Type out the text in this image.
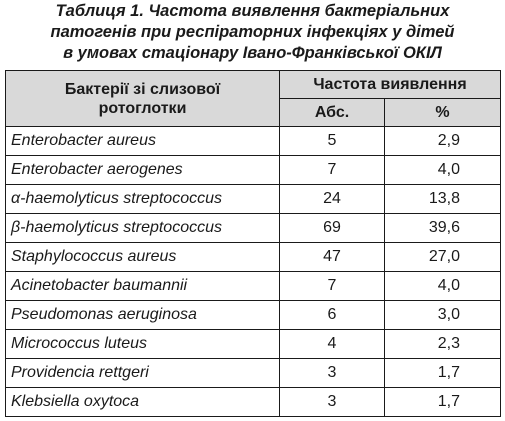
Таблиця 1. Частота виявлення бактеріальних
патогенів при респіраторних інфекціях у дітей
в умовах стаціонару Івано-Франківської ОКІЛ
Бактерії зі слизової
ротоглотки	Частота виявлення	
	Абс.	%
Enterobacter aureus	5	2,9
Enterobacter aerogenes	7	4,0
α-haemolyticus streptococcus	24	13,8
β-haemolyticus streptococcus	69	39,6
Staphylococcus aureus	47	27,0
Acinetobacter baumannii	7	4,0
Pseudomonas aeruginosa	6	3,0
Micrococcus luteus	4	2,3
Providencia rettgeri	3	1,7
Klebsiella oxytoca	3	1,7
